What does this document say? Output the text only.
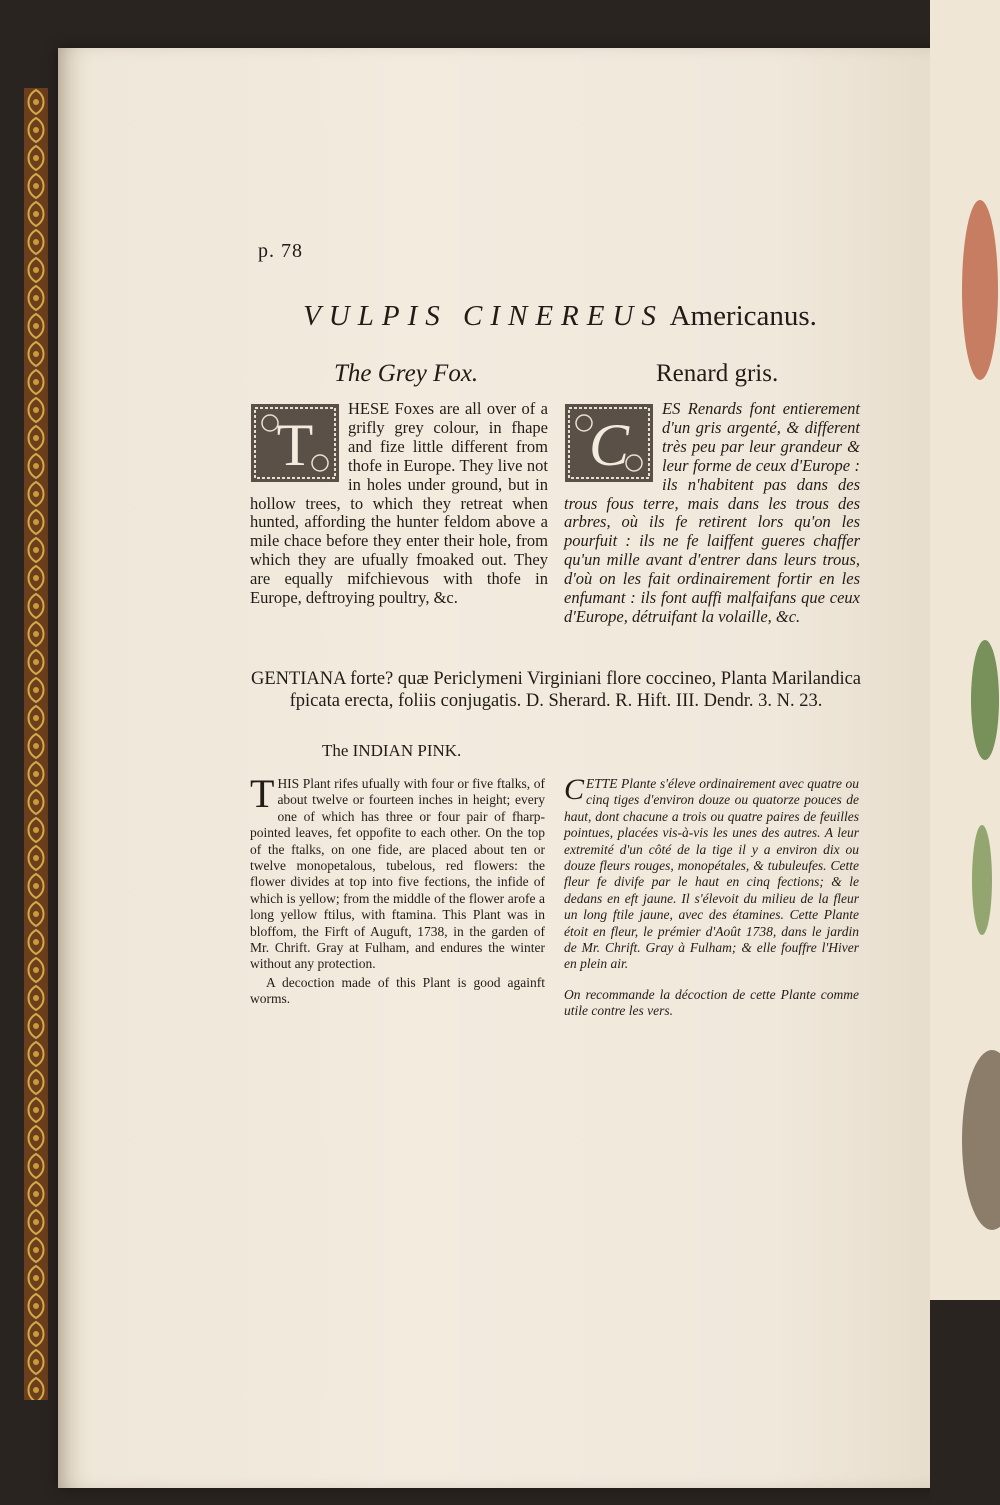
p. 78

VULPIS CINEREUS Americanus.

The Grey Fox.	Renard gris.

T
HESE Foxes are all over of a grifly grey colour, in fhape and fize little different from thofe in Europe. They live not in holes under ground, but in hollow trees, to which they retreat when hunted, affording the hunter feldom above a mile chace before they enter their hole, from which they are ufually fmoaked out. They are equally mifchievous with thofe in Europe, deftroying poultry, &c.
C
ES Renards font entierement d'un gris argenté, & different très peu par leur grandeur & leur forme de ceux d'Europe : ils n'habitent pas dans des trous fous terre, mais dans les trous des arbres, où ils fe retirent lors qu'on les pourfuit : ils ne fe laiffent gueres chaffer qu'un mille avant d'entrer dans leurs trous, d'où on les fait ordinairement fortir en les enfumant : ils font auffi malfaifans que ceux d'Europe, détruifant la volaille, &c.
GENTIANA forte? quæ Periclymeni Virginiani flore coccineo, Planta Marilandica
fpicata erecta, foliis conjugatis. D. Sherard. R. Hift. III. Dendr. 3. N. 23.

The INDIAN PINK.

T HIS Plant rifes ufually with four or five ftalks, of about twelve or fourteen inches in height; every one of which has three or four pair of fharp-pointed leaves, fet oppofite to each other. On the top of the ftalks, on one fide, are placed about ten or twelve monopetalous, tubelous, red flowers: the flower divides at top into five fections, the infide of which is yellow; from the middle of the flower arofe a long yellow ftilus, with ftamina. This Plant was in bloffom, the Firft of Auguft, 1738, in the garden of Mr. Chrift. Gray at Fulham, and endures the winter without any protection.
A decoction made of this Plant is good againft worms.
C ETTE Plante s'éleve ordinairement avec quatre ou cinq tiges d'environ douze ou quatorze pouces de haut, dont chacune a trois ou quatre paires de feuilles pointues, placées vis-à-vis les unes des autres. A leur extremité d'un côté de la tige il y a environ dix ou douze fleurs rouges, monopétales, & tubuleufes. Cette fleur fe divife par le haut en cinq fections; & le dedans en eft jaune. Il s'élevoit du milieu de la fleur un long ftile jaune, avec des étamines. Cette Plante étoit en fleur, le prémier d'Août 1738, dans le jardin de Mr. Chrift. Gray à Fulham; & elle fouffre l'Hiver en plein air.
On recommande la décoction de cette Plante comme utile contre les vers.
